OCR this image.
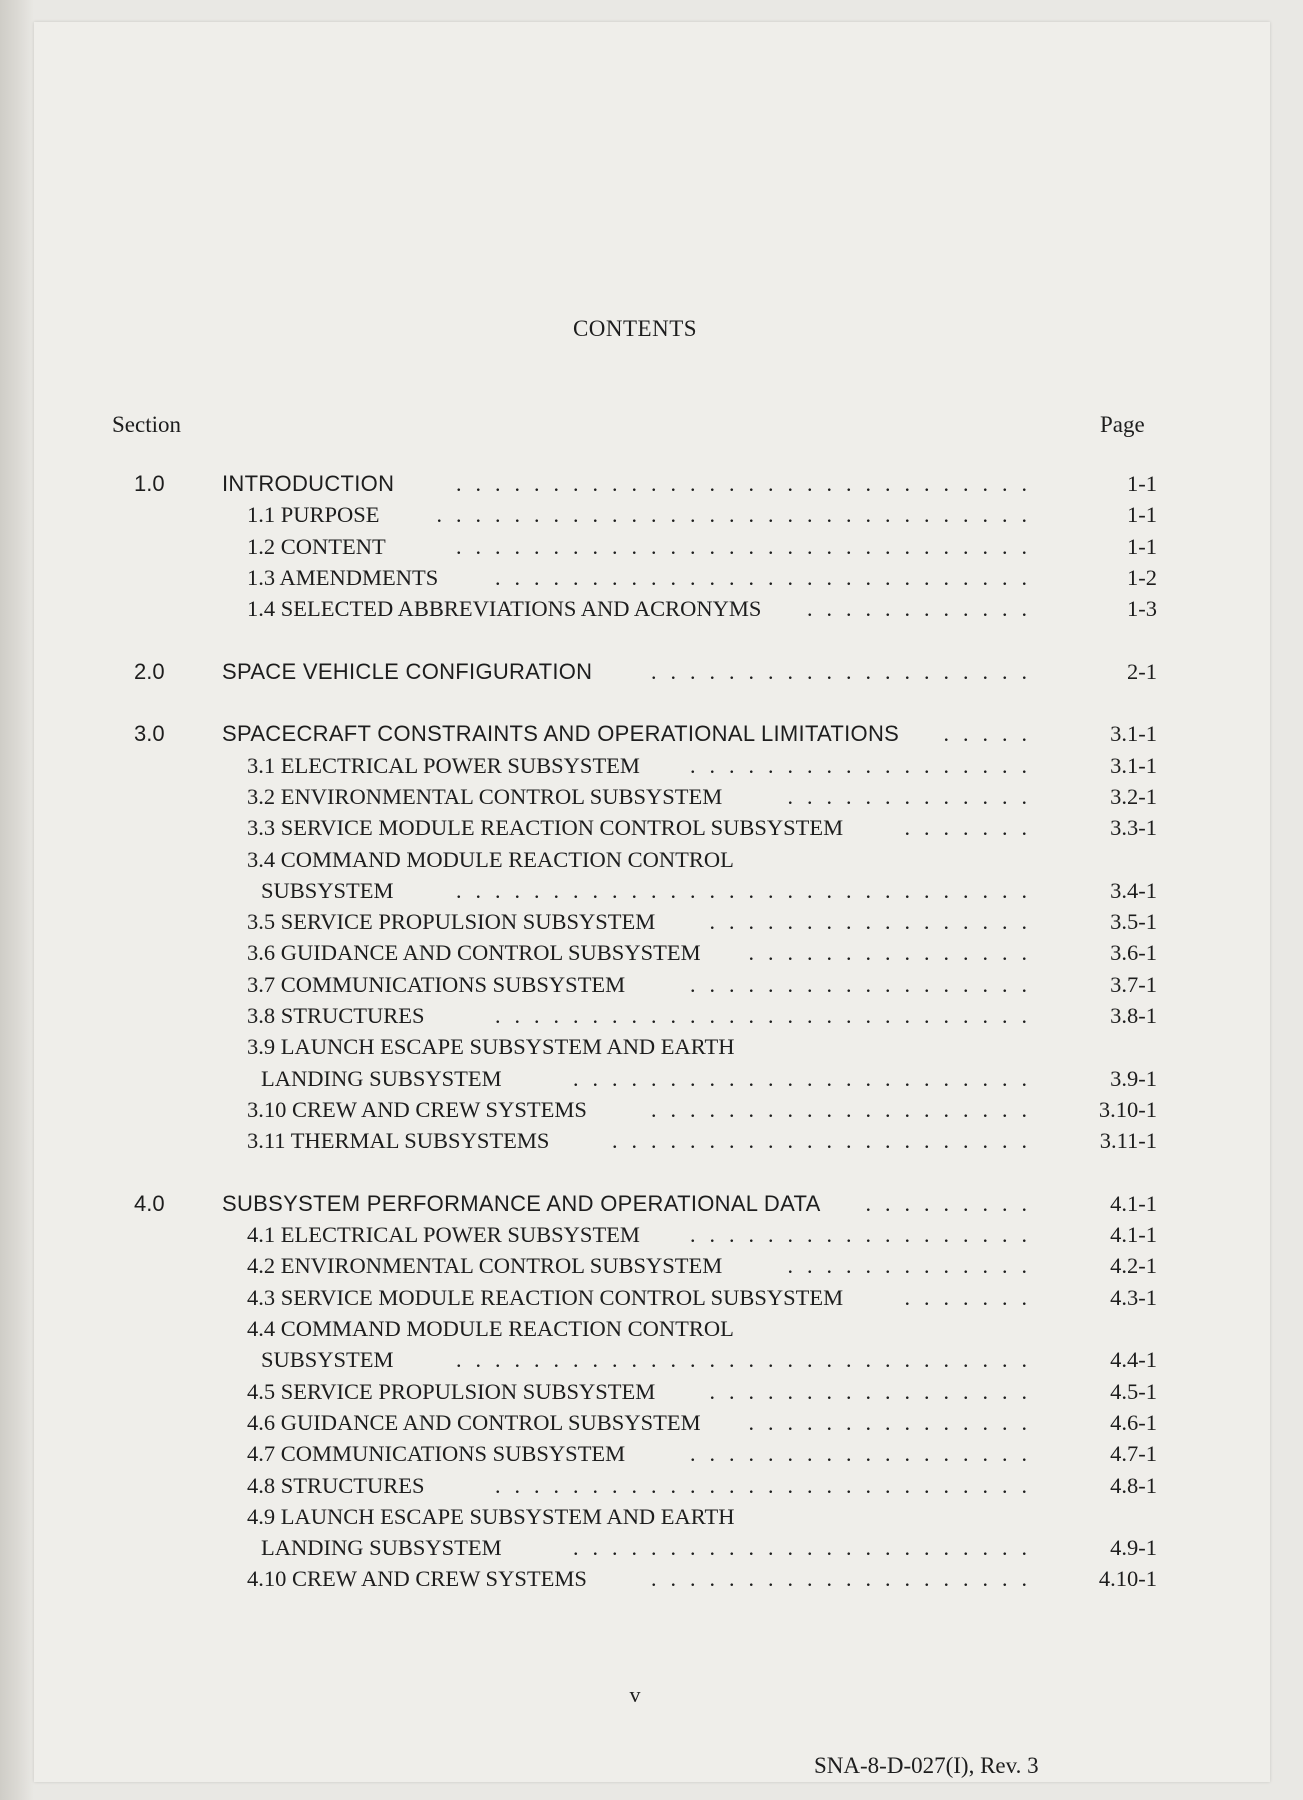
CONTENTS
Section	Page
1.0	INTRODUCTION	1-1
..............................
1.1 PURPOSE	1-1
...............................
1.2 CONTENT	1-1
..............................
1.3 AMENDMENTS	1-2
............................
1.4 SELECTED ABBREVIATIONS AND ACRONYMS	1-3
............
2.0	SPACE VEHICLE CONFIGURATION	2-1
....................
3.0	SPACECRAFT CONSTRAINTS AND OPERATIONAL LIMITATIONS	3.1-1
.....
3.1 ELECTRICAL POWER SUBSYSTEM	3.1-1
..................
3.2 ENVIRONMENTAL CONTROL SUBSYSTEM	3.2-1
.............
3.3 SERVICE MODULE REACTION CONTROL SUBSYSTEM	3.3-1
.......
3.4 COMMAND MODULE REACTION CONTROL
SUBSYSTEM	3.4-1
..............................
3.5 SERVICE PROPULSION SUBSYSTEM	3.5-1
.................
3.6 GUIDANCE AND CONTROL SUBSYSTEM	3.6-1
...............
3.7 COMMUNICATIONS SUBSYSTEM	3.7-1
..................
3.8 STRUCTURES	3.8-1
............................
3.9 LAUNCH ESCAPE SUBSYSTEM AND EARTH
LANDING SUBSYSTEM	3.9-1
........................
3.10 CREW AND CREW SYSTEMS	3.10-1
....................
3.11 THERMAL SUBSYSTEMS	3.11-1
......................
4.0	SUBSYSTEM PERFORMANCE AND OPERATIONAL DATA	4.1-1
.........
4.1 ELECTRICAL POWER SUBSYSTEM	4.1-1
..................
4.2 ENVIRONMENTAL CONTROL SUBSYSTEM	4.2-1
.............
4.3 SERVICE MODULE REACTION CONTROL SUBSYSTEM	4.3-1
.......
4.4 COMMAND MODULE REACTION CONTROL
SUBSYSTEM	4.4-1
..............................
4.5 SERVICE PROPULSION SUBSYSTEM	4.5-1
.................
4.6 GUIDANCE AND CONTROL SUBSYSTEM	4.6-1
...............
4.7 COMMUNICATIONS SUBSYSTEM	4.7-1
..................
4.8 STRUCTURES	4.8-1
............................
4.9 LAUNCH ESCAPE SUBSYSTEM AND EARTH
LANDING SUBSYSTEM	4.9-1
........................
4.10 CREW AND CREW SYSTEMS	4.10-1
....................
v
SNA-8-D-027(I), Rev. 3
